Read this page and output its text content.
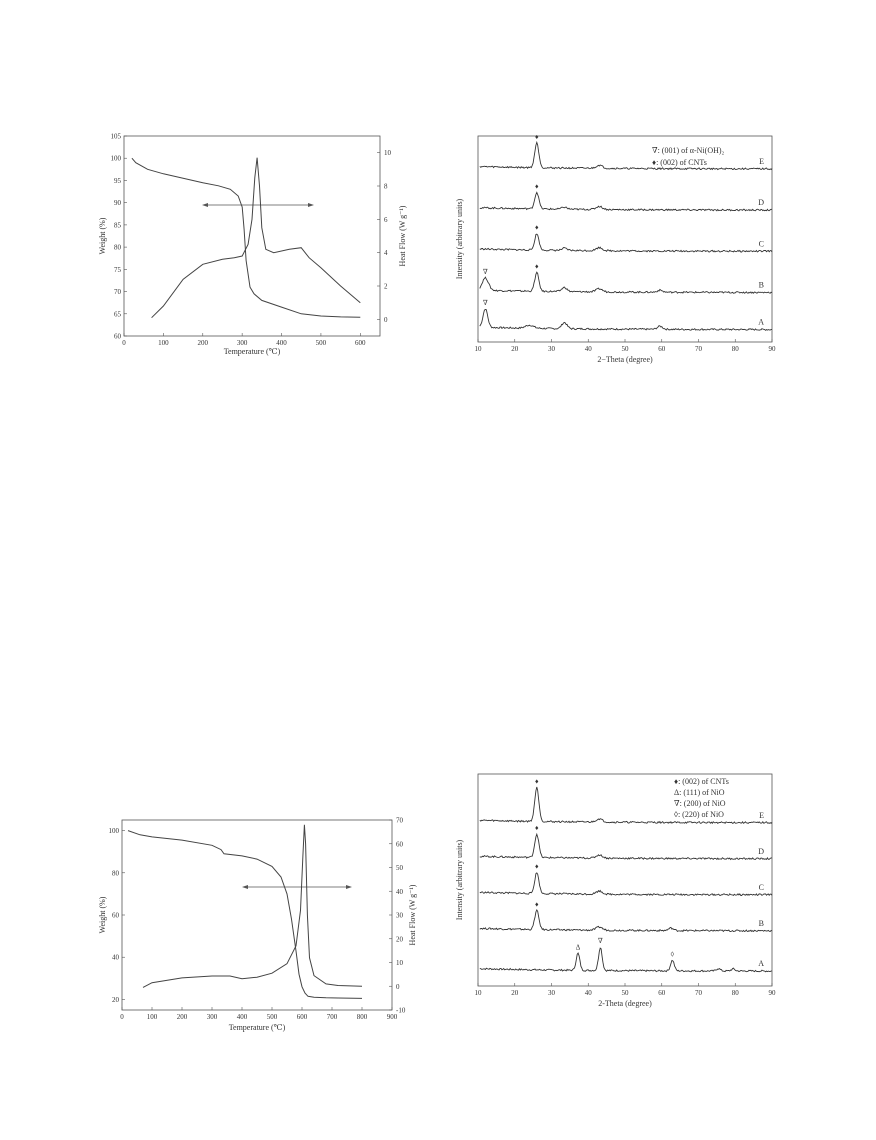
Temperature (℃)
Weight (%)	Heat Flow (W g⁻¹)
0	100	200	300	400	500	600
60
65
70
75
80
85
90
95
100
105
0
2
4
6
8
10	∇: (001) of α-Ni(OH)₂
♦: (002) of CNTs
2−Theta (degree)
Intensity (arbitrary units)
10	20	30	40	50	60	70	80	90
A
B
C
D
E
∇
∇
♦
♦
♦
♦
Temperature (℃)
Weight (%)	Heat Flow (W g⁻¹)
0	100	200	300	400	500	600	700	800	900
20
40
60
80
100
-10
0
10
20
30
40
50
60
70
♦: (002) of CNTs
Δ: (111) of NiO
∇: (200) of NiO
◊: (220) of NiO
2-Theta (degree)
Intensity (arbitrary units)
10	20	30	40	50	60	70	80	90
A
B
C
D
E
Δ
∇
◊
♦
♦
♦
♦
